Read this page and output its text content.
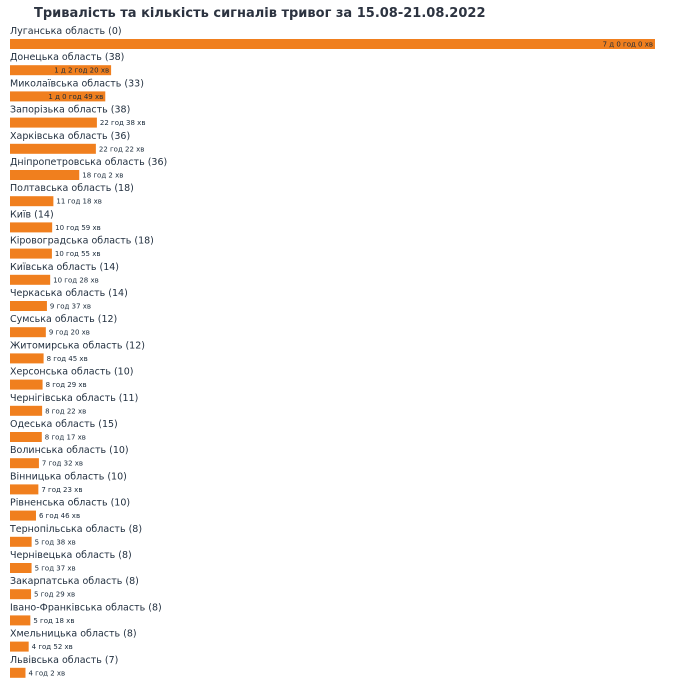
Тривалість та кількість сигналів тривог за 15.08-21.08.2022
Луганська область (0)
7 д 0 год 0 хв
Донецька область (38)
1 д 2 год 20 хв
Миколаївська область (33)
1 д 0 год 49 хв
Запорізька область (38)
22 год 38 хв
Харківська область (36)
22 год 22 хв
Дніпропетровська область (36)
18 год 2 хв
Полтавська область (18)
11 год 18 хв
Київ (14)
10 год 59 хв
Кіровоградська область (18)
10 год 55 хв
Київська область (14)
10 год 28 хв
Черкаська область (14)
9 год 37 хв
Сумська область (12)
9 год 20 хв
Житомирська область (12)
8 год 45 хв
Херсонська область (10)
8 год 29 хв
Чернігівська область (11)
8 год 22 хв
Одеська область (15)
8 год 17 хв
Волинська область (10)
7 год 32 хв
Вінницька область (10)
7 год 23 хв
Рівненська область (10)
6 год 46 хв
Тернопільська область (8)
5 год 38 хв
Чернівецька область (8)
5 год 37 хв
Закарпатська область (8)
5 год 29 хв
Івано-Франківська область (8)
5 год 18 хв
Хмельницька область (8)
4 год 52 хв
Львівська область (7)
4 год 2 хв
